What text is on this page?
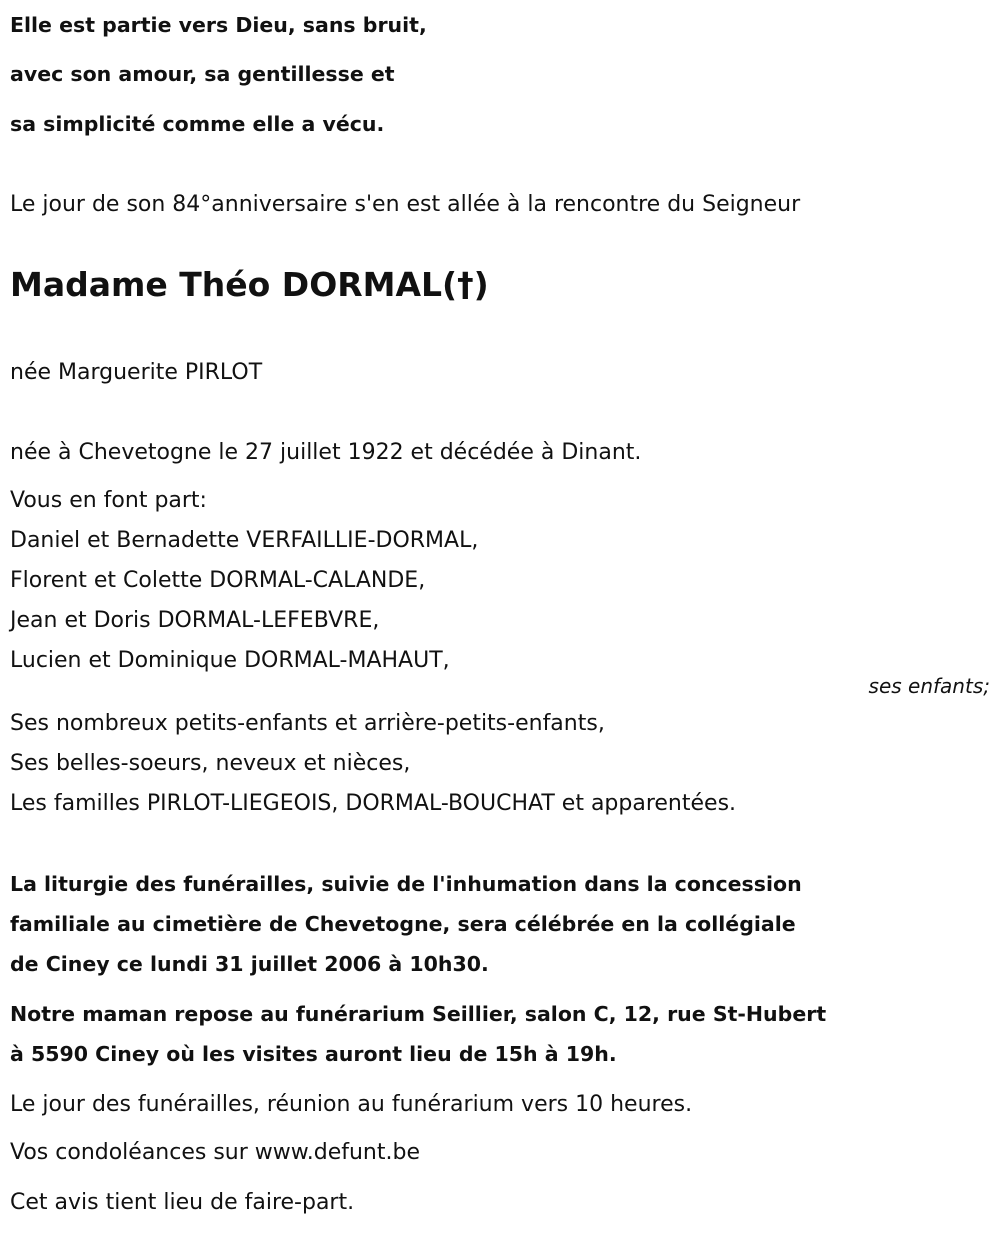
Elle est partie vers Dieu, sans bruit,
avec son amour, sa gentillesse et
sa simplicité comme elle a vécu.
Le jour de son 84°anniversaire s'en est allée à la rencontre du Seigneur
Madame Théo DORMAL(†)
née Marguerite PIRLOT
née à Chevetogne le 27 juillet 1922 et décédée à Dinant.
Vous en font part:
Daniel et Bernadette VERFAILLIE-DORMAL,
Florent et Colette DORMAL-CALANDE,
Jean et Doris DORMAL-LEFEBVRE,
Lucien et Dominique DORMAL-MAHAUT,
ses enfants;
Ses nombreux petits-enfants et arrière-petits-enfants,
Ses belles-soeurs, neveux et nièces,
Les familles PIRLOT-LIEGEOIS, DORMAL-BOUCHAT et apparentées.
La liturgie des funérailles, suivie de l'inhumation dans la concession
familiale au cimetière de Chevetogne, sera célébrée en la collégiale
de Ciney ce lundi 31 juillet 2006 à 10h30.
Notre maman repose au funérarium Seillier, salon C, 12, rue St-Hubert
à 5590 Ciney où les visites auront lieu de 15h à 19h.
Le jour des funérailles, réunion au funérarium vers 10 heures.
Vos condoléances sur www.defunt.be
Cet avis tient lieu de faire-part.
